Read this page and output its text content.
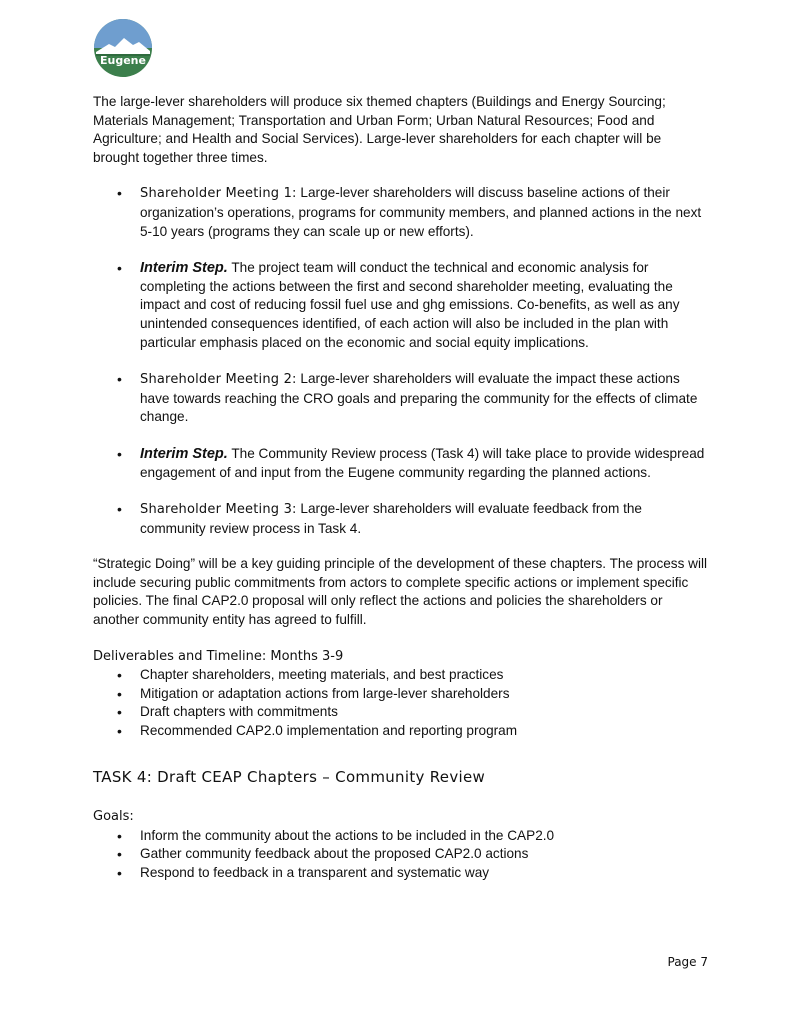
Eugene

The large-lever shareholders will produce six themed chapters (Buildings and Energy Sourcing; Materials Management; Transportation and Urban Form; Urban Natural Resources; Food and Agriculture; and Health and Social Services). Large-lever shareholders for each chapter will be brought together three times.

• Shareholder Meeting 1: Large-lever shareholders will discuss baseline actions of their organization’s operations, programs for community members, and planned actions in the next 5-10 years (programs they can scale up or new efforts).
• Interim Step. The project team will conduct the technical and economic analysis for completing the actions between the first and second shareholder meeting, evaluating the impact and cost of reducing fossil fuel use and ghg emissions. Co-benefits, as well as any unintended consequences identified, of each action will also be included in the plan with particular emphasis placed on the economic and social equity implications.
• Shareholder Meeting 2: Large-lever shareholders will evaluate the impact these actions have towards reaching the CRO goals and preparing the community for the effects of climate change.
• Interim Step. The Community Review process (Task 4) will take place to provide widespread engagement of and input from the Eugene community regarding the planned actions.
• Shareholder Meeting 3: Large-lever shareholders will evaluate feedback from the community review process in Task 4.

“Strategic Doing” will be a key guiding principle of the development of these chapters. The process will include securing public commitments from actors to complete specific actions or implement specific policies. The final CAP2.0 proposal will only reflect the actions and policies the shareholders or another community entity has agreed to fulfill.

Deliverables and Timeline: Months 3-9
• Chapter shareholders, meeting materials, and best practices
• Mitigation or adaptation actions from large-lever shareholders
• Draft chapters with commitments
• Recommended CAP2.0 implementation and reporting program
TASK 4: Draft CEAP Chapters – Community Review
Goals:
• Inform the community about the actions to be included in the CAP2.0
• Gather community feedback about the proposed CAP2.0 actions
• Respond to feedback in a transparent and systematic way
Page 7
